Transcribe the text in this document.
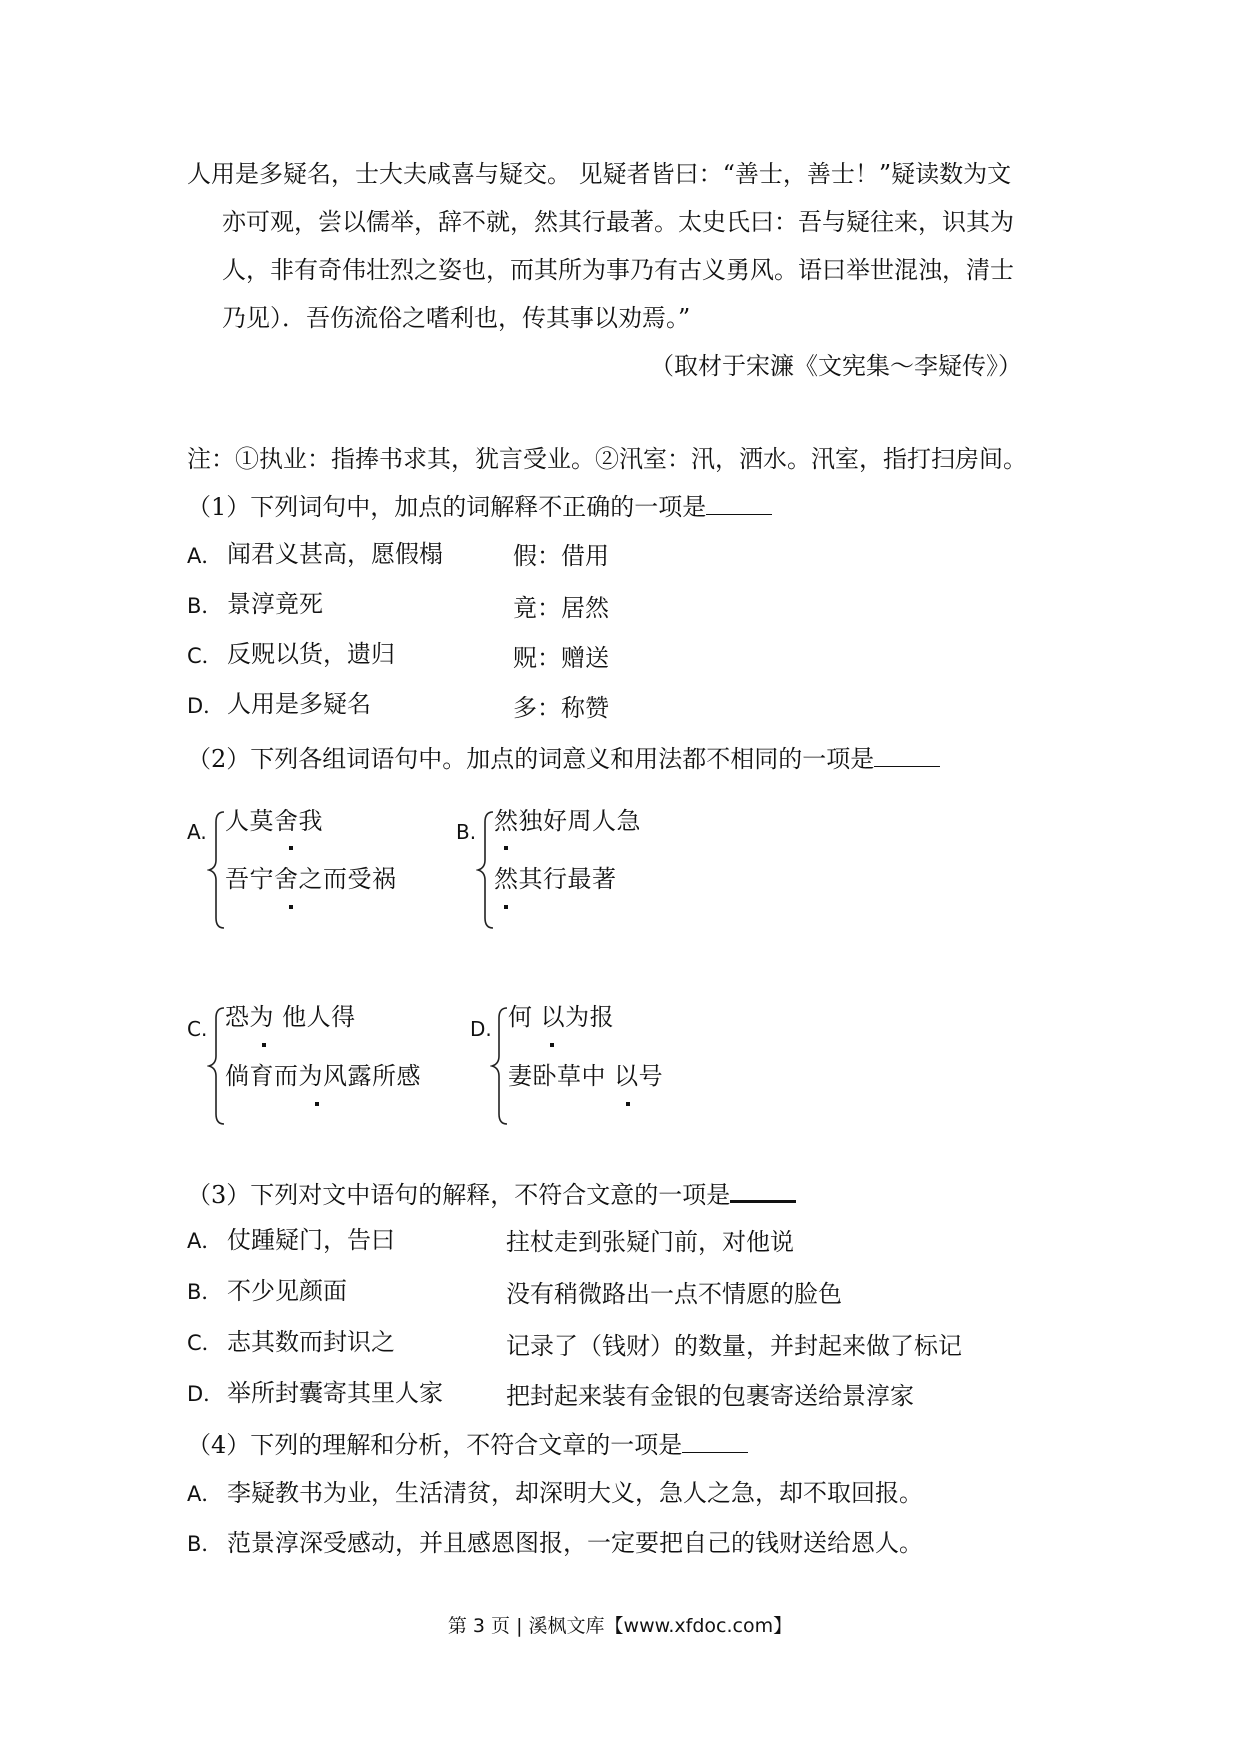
人用是多疑名，士大夫咸喜与疑交。 见疑者皆曰：“善士，善士！”疑读数为文
亦可观，尝以儒举，辞不就，然其行最著。太史氏曰：吾与疑往来，识其为
人，非有奇伟壮烈之姿也，而其所为事乃有古义勇风。语曰举世混浊，清士
乃见）．吾伤流俗之嗜利也，传其事以劝焉。”
（取材于宋濂《文宪集～李疑传》）
注：①执业：指捧书求其，犹言受业。②汛室：汛，洒水。汛室，指打扫房间。
（1）下列词句中，加点的词解释不正确的一项是
A． 闻君义甚高，愿假榻	假：借用
B． 景淳竟死	竟：居然
C． 反贶以货，遗归	贶：赠送
D． 人用是多疑名	多：称赞
（2）下列各组词语句中。加点的词意义和用法都不相同的一项是
A. 人莫舍我
吾宁舍之而受祸
B. 然独好周人急
然其行最著
C. 恐为 他人得
倘育而为风露所感
D. 何 以为报
妻卧草中 以号
（3）下列对文中语句的解释，不符合文意的一项是
A． 仗踵疑门，告曰	拄杖走到张疑门前，对他说
B． 不少见颜面	没有稍微路出一点不情愿的脸色
C． 志其数而封识之	记录了（钱财）的数量，并封起来做了标记
D． 举所封囊寄其里人家	把封起来装有金银的包裹寄送给景淳家
（4）下列的理解和分析，不符合文章的一项是
A． 李疑教书为业，生活清贫，却深明大义，急人之急，却不取回报。
B． 范景淳深受感动，并且感恩图报，一定要把自己的钱财送给恩人。
第 3 页 | 溪枫文库【www.xfdoc.com】
